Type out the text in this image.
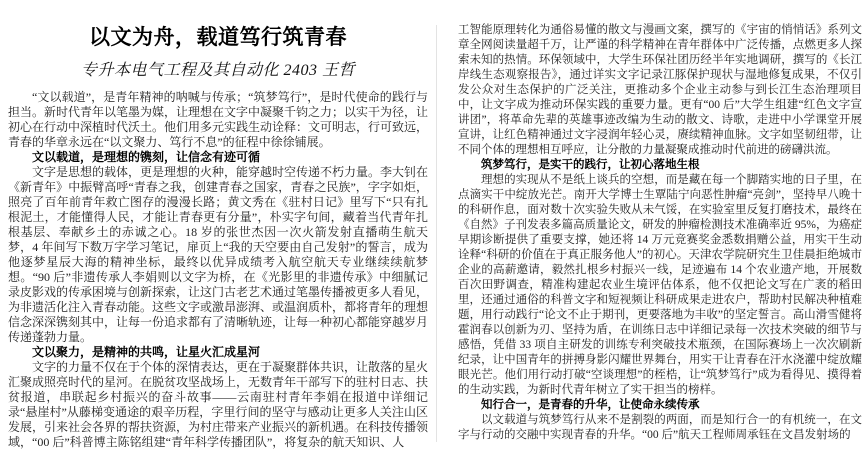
以文为舟，载道笃行筑青春
专升本电气工程及其自动化 2403 王哲

“文以载道”，是青年精神的呐喊与传承；“筑梦笃行”，是时代使命的践行与担当。新时代青年以笔墨为媒，让理想在文字中凝聚千钧之力；以实干为径，让初心在行动中深植时代沃土。他们用多元实践生动诠释：文可明志，行可致远，青春的华章永远在“以文聚力、笃行不息”的征程中徐徐铺展。

文以载道，是理想的镌刻，让信念有迹可循

文字是思想的载体，更是理想的火种，能穿越时空传递不朽力量。李大钊在《新青年》中振臂高呼“青春之我，创建青春之国家，青春之民族”，字字如炬，照亮了百年前青年救亡图存的漫漫长路；黄文秀在《驻村日记》里写下“只有扎根泥土，才能懂得人民，才能让青春更有分量”，朴实字句间，藏着当代青年扎根基层、奉献乡土的赤诚之心。18 岁的张世杰因一次火箭发射直播萌生航天梦，4 年间写下数万字学习笔记，扉页上“我的天空要由自己发射”的誓言，成为他逐梦星辰大海的精神坐标，最终以优异成绩考入航空航天专业继续续航梦想。“90 后”非遗传承人李娟则以文字为桥，在《光影里的非遗传承》中细腻记录皮影戏的传承困境与创新探索，让这门古老艺术通过笔墨传播被更多人看见，为非遗活化注入青春动能。这些文字或激昂澎湃、或温润质朴，都将青年的理想信念深深镌刻其中，让每一份追求都有了清晰轨迹，让每一种初心都能穿越岁月传递蓬勃力量。

文以聚力，是精神的共鸣，让星火汇成星河

文字的力量不仅在于个体的深情表达，更在于凝聚群体共识，让散落的星火汇聚成照亮时代的星河。在脱贫攻坚战场上，无数青年干部写下的驻村日志、扶贫报道，串联起乡村振兴的奋斗故事——云南驻村青年李娟在报道中详细记录“悬崖村”从藤梯变通途的艰辛历程，字里行间的坚守与感动让更多人关注山区发展，引来社会各界的帮扶资源，为村庄带来产业振兴的新机遇。在科技传播领域，“00 后”科普博主陈铭组建“青年科学传播团队”，将复杂的航天知识、人

工智能原理转化为通俗易懂的散文与漫画文案，撰写的《宇宙的悄悄话》系列文章全网阅读量超千万，让严谨的科学精神在青年群体中广泛传播，点燃更多人探索未知的热情。环保领域中，大学生环保社团历经半年实地调研，撰写的《长江岸线生态观察报告》，通过详实文字记录江豚保护现状与湿地修复成果，不仅引发公众对生态保护的广泛关注，更推动多个企业主动参与到长江生态治理项目中，让文字成为推动环保实践的重要力量。更有“00 后”大学生组建“红色文字宣讲团”，将革命先辈的英雄事迹改编为生动的散文、诗歌，走进中小学课堂开展宣讲，让红色精神通过文字浸润年轻心灵，赓续精神血脉。文字如坚韧纽带，让不同个体的理想相互呼应，让分散的力量凝聚成推动时代前进的磅礴洪流。

筑梦笃行，是实干的践行，让初心落地生根

理想的实现从不是纸上谈兵的空想，而是藏在每一个脚踏实地的日子里，在点滴实干中绽放光芒。南开大学博士生覃陆宁向恶性肿瘤“亮剑”，坚持早八晚十的科研作息，面对数十次实验失败从未气馁，在实验室里反复打磨技术，最终在《自然》子刊发表多篇高质量论文，研发的肿瘤检测技术准确率近 95%，为癌症早期诊断提供了重要支撑，她还将 14 万元竞赛奖金悉数捐赠公益，用实干生动诠释“科研的价值在于真正服务他人”的初心。天津农学院研究生卫佳晨拒绝城市企业的高薪邀请，毅然扎根乡村振兴一线，足迹遍布 14 个农业遗产地，开展数百次田野调查，精准构建起农业生境评估体系，他不仅把论文写在广袤的稻田里，还通过通俗的科普文字和短视频让科研成果走进农户，帮助村民解决种植难题，用行动践行“论文不止于期刊，更要落地为丰收”的坚定誓言。高山滑雪健将霍润春以创新为刃、坚持为盾，在训练日志中详细记录每一次技术突破的细节与感悟，凭借 33 项自主研发的训练专利突破技术瓶颈，在国际赛场上一次次刷新纪录，让中国青年的拼搏身影闪耀世界舞台，用实干让青春在汗水浇灌中绽放耀眼光芒。他们用行动打破“空谈理想”的桎梏，让“筑梦笃行”成为看得见、摸得着的生动实践，为新时代青年树立了实干担当的榜样。

知行合一，是青春的升华，让使命永续传承

以文载道与筑梦笃行从来不是割裂的两面，而是知行合一的有机统一，在文字与行动的交融中实现青春的升华。“00 后”航天工程师周承钰在文昌发射场的
